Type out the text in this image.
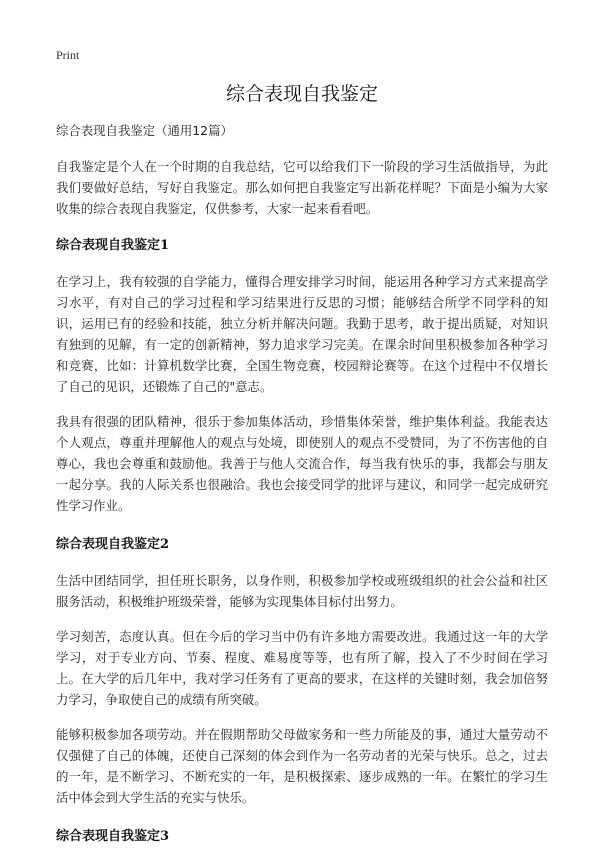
Print
综合表现自我鉴定
综合表现自我鉴定（通用12篇）

自我鉴定是个人在一个时期的自我总结，它可以给我们下一阶段的学习生活做指导，为此我们要做好总结，写好自我鉴定。那么如何把自我鉴定写出新花样呢？下面是小编为大家收集的综合表现自我鉴定，仅供参考，大家一起来看看吧。

综合表现自我鉴定1

在学习上，我有较强的自学能力，懂得合理安排学习时间，能运用各种学习方式来提高学习水平，有对自己的学习过程和学习结果进行反思的习惯；能够结合所学不同学科的知识，运用已有的经验和技能，独立分析并解决问题。我勤于思考，敢于提出质疑，对知识有独到的见解，有一定的创新精神，努力追求学习完美。在课余时间里积极参加各种学习和竞赛，比如：计算机数学比赛，全国生物竞赛，校园辩论赛等。在这个过程中不仅增长了自己的见识，还锻炼了自己的"意志。

我具有很强的团队精神，很乐于参加集体活动，珍惜集体荣誉，维护集体利益。我能表达个人观点，尊重并理解他人的观点与处境，即使别人的观点不受赞同，为了不伤害他的自尊心，我也会尊重和鼓励他。我善于与他人交流合作，每当我有快乐的事，我都会与朋友一起分享。我的人际关系也很融洽。我也会接受同学的批评与建议，和同学一起完成研究性学习作业。

综合表现自我鉴定2

生活中团结同学，担任班长职务，以身作则，积极参加学校或班级组织的社会公益和社区服务活动，积极维护班级荣誉，能够为实现集体目标付出努力。

学习刻苦，态度认真。但在今后的学习当中仍有许多地方需要改进。我通过这一年的大学学习，对于专业方向、节奏、程度、难易度等等，也有所了解，投入了不少时间在学习上。在大学的后几年中，我对学习任务有了更高的要求，在这样的关键时刻，我会加倍努力学习，争取使自己的成绩有所突破。

能够积极参加各项劳动。并在假期帮助父母做家务和一些力所能及的事，通过大量劳动不仅强健了自己的体魄，还使自己深刻的体会到作为一名劳动者的光荣与快乐。总之，过去的一年，是不断学习、不断充实的一年，是积极探索、逐步成熟的一年。在繁忙的学习生活中体会到大学生活的充实与快乐。

综合表现自我鉴定3
